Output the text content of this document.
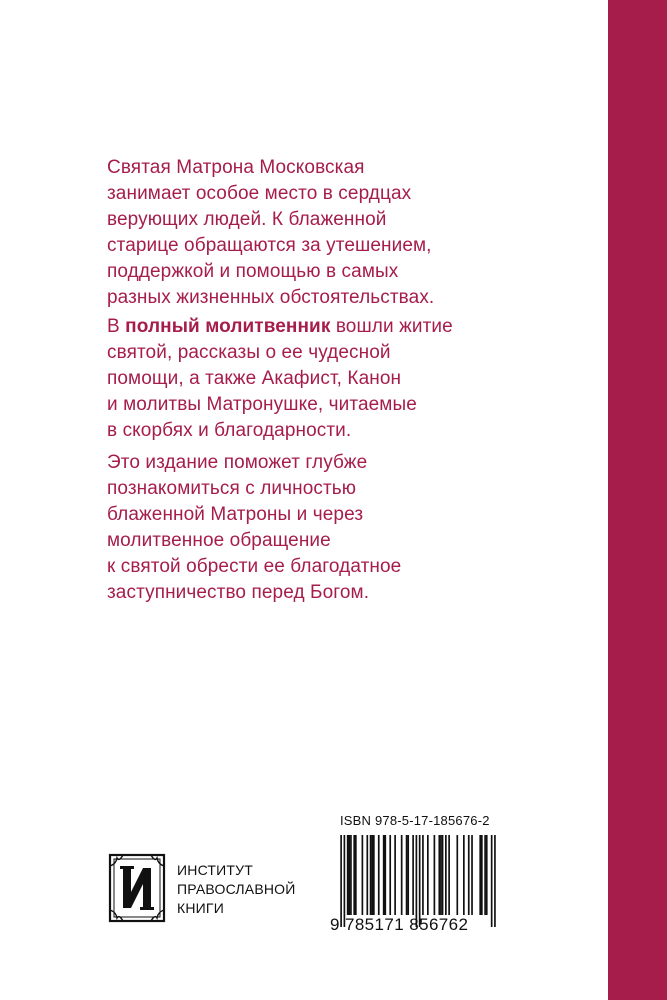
Святая Матрона Московская
занимает особое место в сердцах
верующих людей. К блаженной
старице обращаются за утешением,
поддержкой и помощью в самых
разных жизненных обстоятельствах.

В полный молитвенник вошли житие
святой, рассказы о ее чудесной
помощи, а также Акафист, Канон
и молитвы Матронушке, читаемые
в скорбях и благодарности.

Это издание поможет глубже
познакомиться с личностью
блаженной Матроны и через
молитвенное обращение
к святой обрести ее благодатное
заступничество перед Богом.

ИНСТИТУТ
ПРАВОСЛАВНОЙ
КНИГИ
ISBN 978-5-17-185676-2
9 785171 856762
